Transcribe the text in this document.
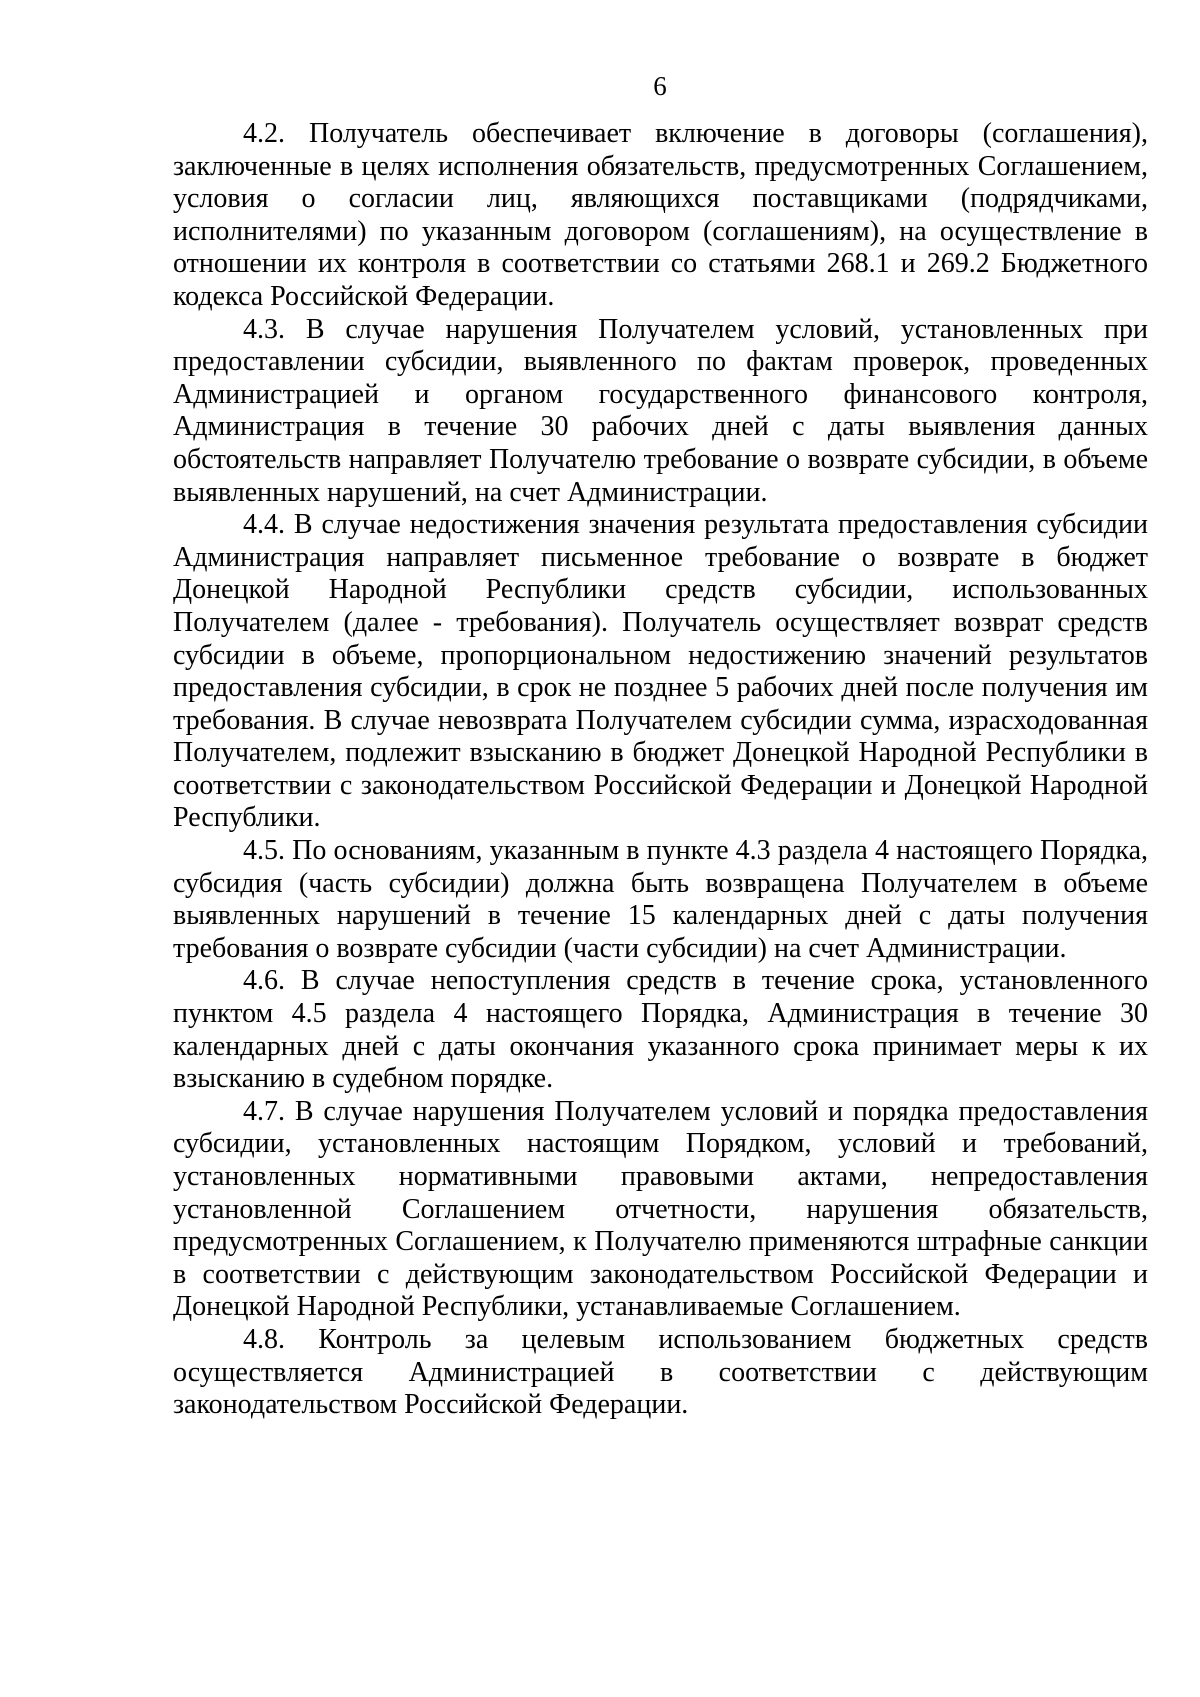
6

4.2. Получатель обеспечивает включение в договоры (соглашения), заключенные в целях исполнения обязательств, предусмотренных Соглашением, условия о согласии лиц, являющихся поставщиками (подрядчиками, исполнителями) по указанным договором (соглашениям), на осуществление в отношении их контроля в соответствии со статьями 268.1 и 269.2 Бюджетного кодекса Российской Федерации.

4.3. В случае нарушения Получателем условий, установленных при предоставлении субсидии, выявленного по фактам проверок, проведенных Администрацией и органом государственного финансового контроля, Администрация в течение 30 рабочих дней с даты выявления данных обстоятельств направляет Получателю требование о возврате субсидии, в объеме выявленных нарушений, на счет Администрации.

4.4. В случае недостижения значения результата предоставления субсидии Администрация направляет письменное требование о возврате в бюджет Донецкой Народной Республики средств субсидии, использованных Получателем (далее - требования). Получатель осуществляет возврат средств субсидии в объеме, пропорциональном недостижению значений результатов предоставления субсидии, в срок не позднее 5 рабочих дней после получения им требования. В случае невозврата Получателем субсидии сумма, израсходованная Получателем, подлежит взысканию в бюджет Донецкой Народной Республики в соответствии с законодательством Российской Федерации и Донецкой Народной Республики.

4.5. По основаниям, указанным в пункте 4.3 раздела 4 настоящего Порядка, субсидия (часть субсидии) должна быть возвращена Получателем в объеме выявленных нарушений в течение 15 календарных дней с даты получения требования о возврате субсидии (части субсидии) на счет Администрации.

4.6. В случае непоступления средств в течение срока, установленного пунктом 4.5 раздела 4 настоящего Порядка, Администрация в течение 30 календарных дней с даты окончания указанного срока принимает меры к их взысканию в судебном порядке.

4.7. В случае нарушения Получателем условий и порядка предоставления субсидии, установленных настоящим Порядком, условий и требований, установленных нормативными правовыми актами, непредоставления установленной Соглашением отчетности, нарушения обязательств, предусмотренных Соглашением, к Получателю применяются штрафные санкции в соответствии с действующим законодательством Российской Федерации и Донецкой Народной Республики, устанавливаемые Соглашением.

4.8. Контроль за целевым использованием бюджетных средств осуществляется Администрацией в соответствии с действующим законодательством Российской Федерации.
